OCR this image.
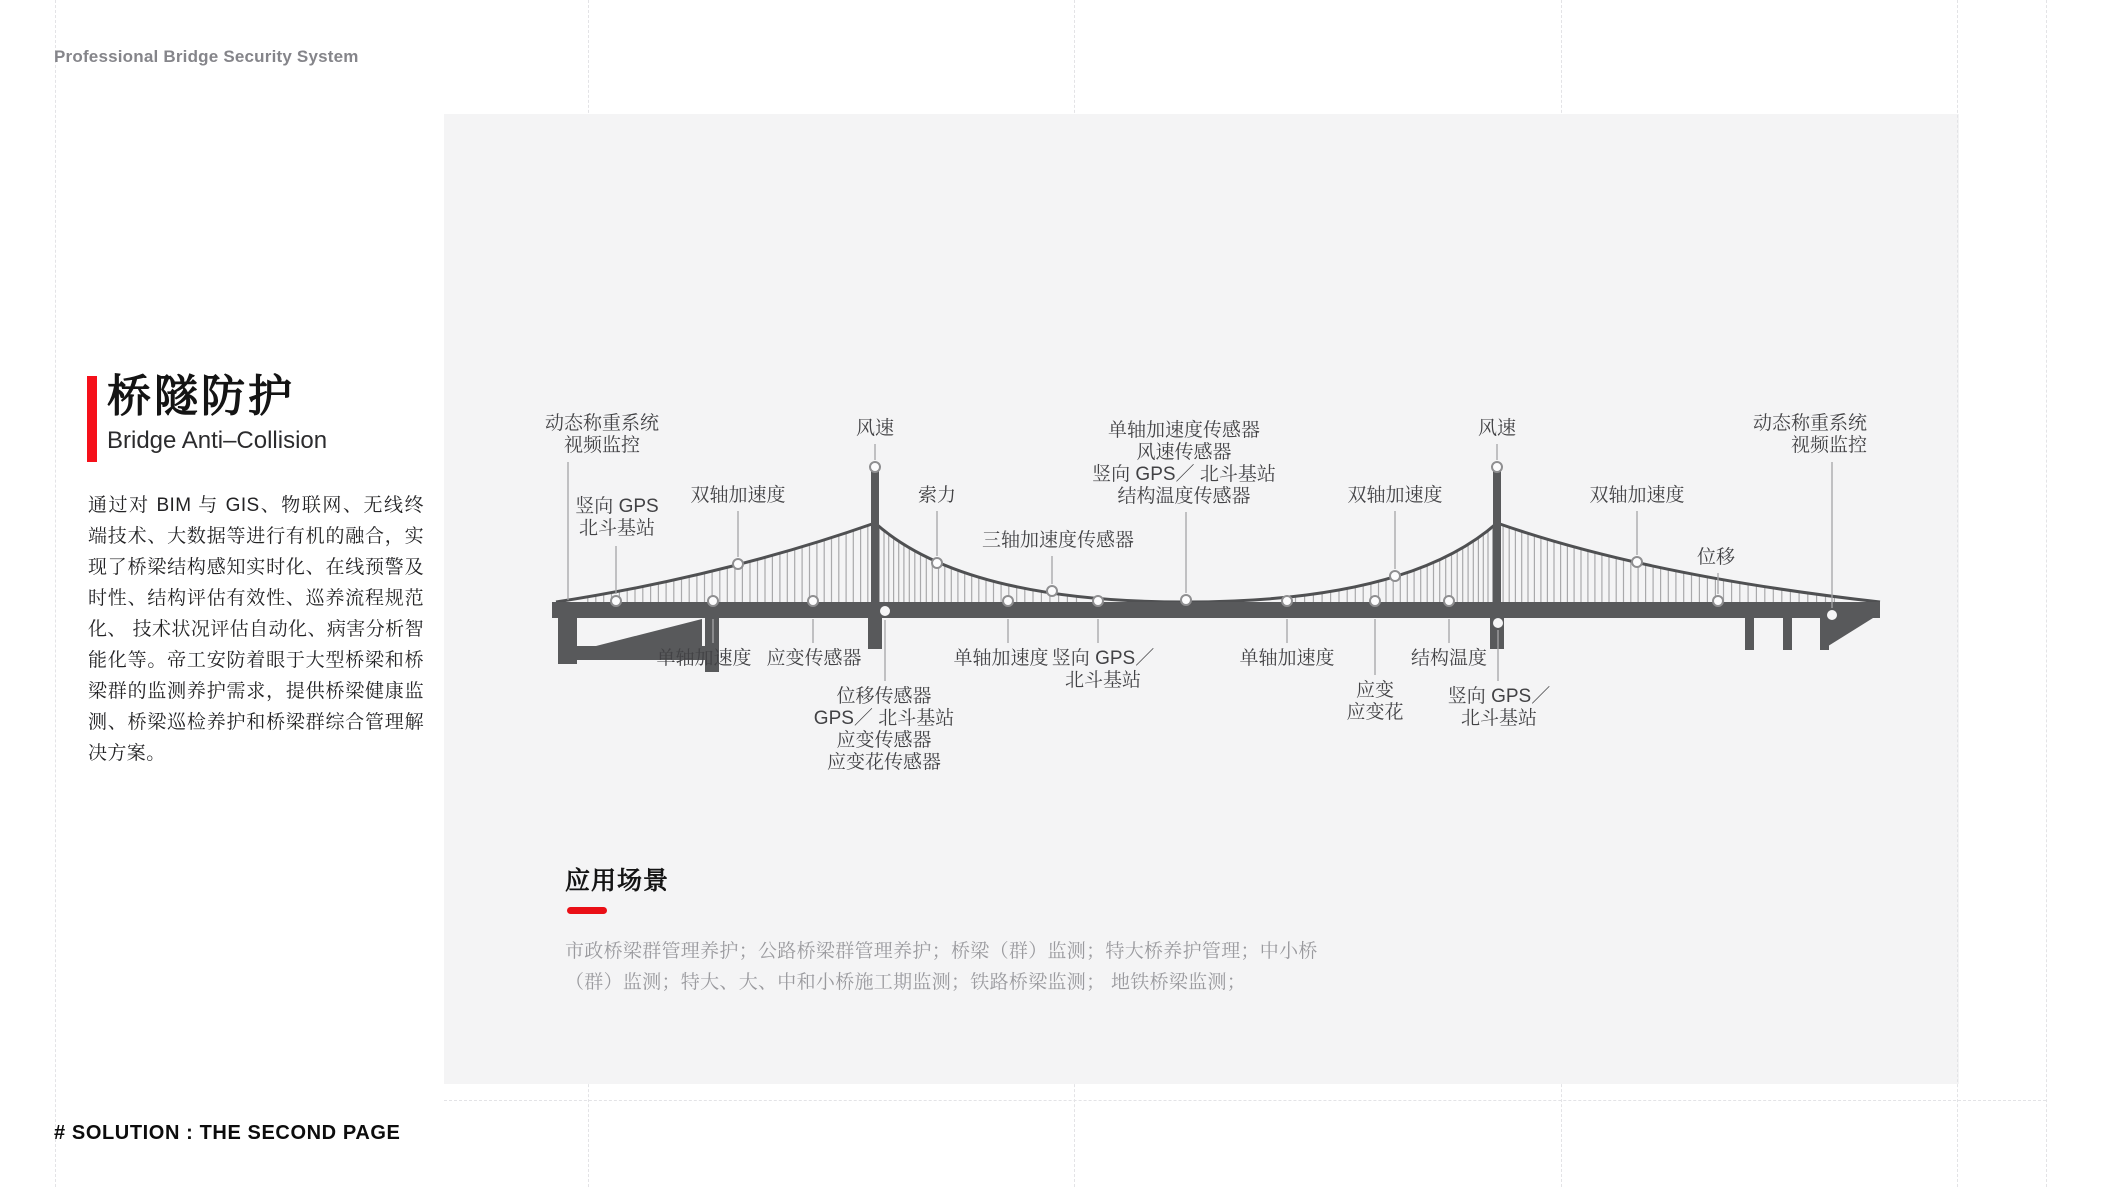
Professional Bridge Security System
桥隧防护
Bridge Anti–Collision
通过对 BIM 与 GIS、物联网、无线终端技术、大数据等进行有机的融合，实现了桥梁结构感知实时化、在线预警及时性、结构评估有效性、巡养流程规范化、 技术状况评估自动化、病害分析智能化等。帝工安防着眼于大型桥梁和桥梁群的监测养护需求，提供桥梁健康监测、桥梁巡检养护和桥梁群综合管理解决方案。
动态称重系统
视频监控
竖向 GPS
北斗基站
双轴加速度
风速
索力
三轴加速度传感器
单轴加速度传感器
风速传感器
竖向 GPS／ 北斗基站
结构温度传感器	双轴加速度
风速
双轴加速度
位移
动态称重系统
视频监控
单轴加速度 应变传感器
位移传感器
GPS／ 北斗基站
应变传感器
应变花传感器
单轴加速度 竖向 GPS／
北斗基站
单轴加速度
应变
应变花
结构温度
竖向 GPS／
北斗基站
应用场景

市政桥梁群管理养护；公路桥梁群管理养护；桥梁（群）监测；特大桥养护管理；中小桥（群）监测；特大、大、中和小桥施工期监测；铁路桥梁监测； 地铁桥梁监测；

# SOLUTION : THE SECOND PAGE
